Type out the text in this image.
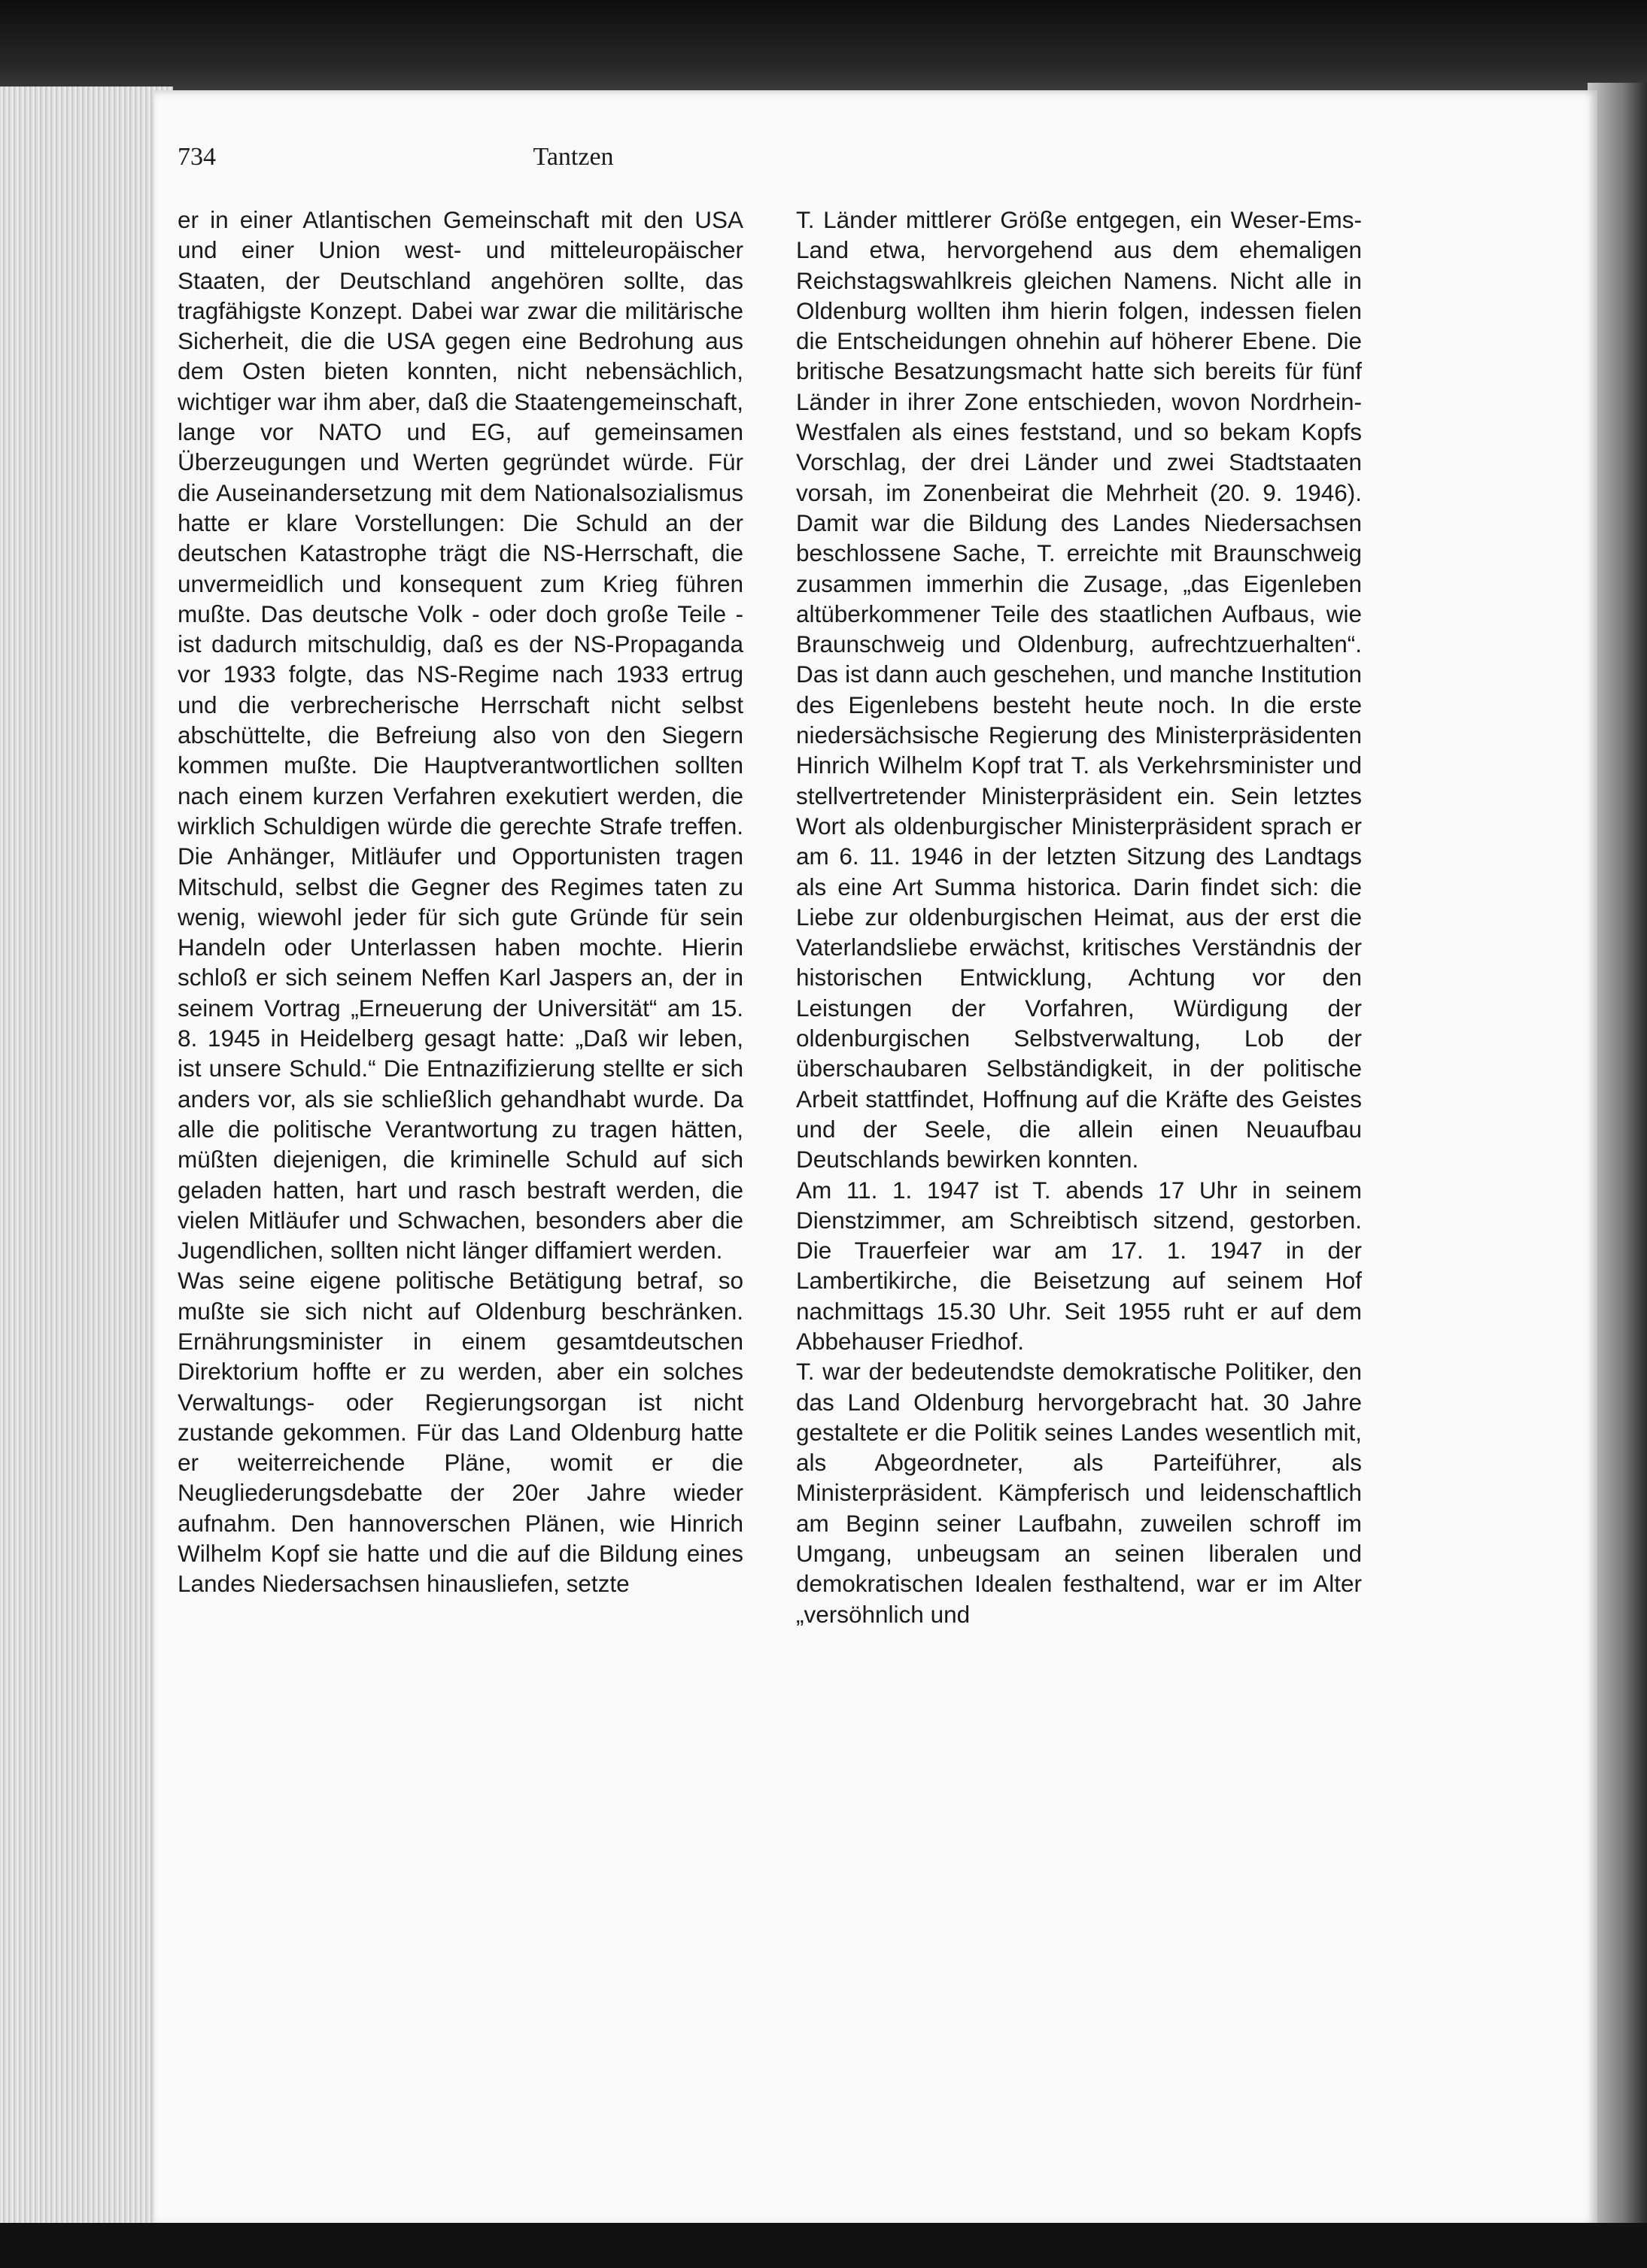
734	Tantzen

er in einer Atlantischen Gemeinschaft mit den USA und einer Union west- und mitteleuropäischer Staaten, der Deutschland angehören sollte, das tragfähigste Konzept. Dabei war zwar die militärische Sicherheit, die die USA gegen eine Bedrohung aus dem Osten bieten konnten, nicht nebensächlich, wichtiger war ihm aber, daß die Staatengemeinschaft, lange vor NATO und EG, auf gemeinsamen Überzeugungen und Werten gegründet würde. Für die Auseinandersetzung mit dem Nationalsozialismus hatte er klare Vorstellungen: Die Schuld an der deutschen Katastrophe trägt die NS-Herrschaft, die unvermeidlich und konsequent zum Krieg führen mußte. Das deutsche Volk - oder doch große Teile - ist dadurch mitschuldig, daß es der NS-Propaganda vor 1933 folgte, das NS-Regime nach 1933 ertrug und die verbrecherische Herrschaft nicht selbst abschüttelte, die Befreiung also von den Siegern kommen mußte. Die Hauptverantwortlichen sollten nach einem kurzen Verfahren exekutiert werden, die wirklich Schuldigen würde die gerechte Strafe treffen. Die Anhänger, Mitläufer und Opportunisten tragen Mitschuld, selbst die Gegner des Regimes taten zu wenig, wiewohl jeder für sich gute Gründe für sein Handeln oder Unterlassen haben mochte. Hierin schloß er sich seinem Neffen Karl Jaspers an, der in seinem Vortrag „Erneuerung der Universität“ am 15. 8. 1945 in Heidelberg gesagt hatte: „Daß wir leben, ist unsere Schuld.“ Die Entnazifizierung stellte er sich anders vor, als sie schließlich gehandhabt wurde. Da alle die politische Verantwortung zu tragen hätten, müßten diejenigen, die kriminelle Schuld auf sich geladen hatten, hart und rasch bestraft werden, die vielen Mitläufer und Schwachen, besonders aber die Jugendlichen, sollten nicht länger diffamiert werden.

Was seine eigene politische Betätigung betraf, so mußte sie sich nicht auf Oldenburg beschränken. Ernährungsminister in einem gesamtdeutschen Direktorium hoffte er zu werden, aber ein solches Verwaltungs- oder Regierungsorgan ist nicht zustande gekommen. Für das Land Oldenburg hatte er weiterreichende Pläne, womit er die Neugliederungsdebatte der 20er Jahre wieder aufnahm. Den hannoverschen Plänen, wie Hinrich Wilhelm Kopf sie hatte und die auf die Bildung eines Landes Niedersachsen hinausliefen, setzte

T. Länder mittlerer Größe entgegen, ein Weser-Ems-Land etwa, hervorgehend aus dem ehemaligen Reichstagswahlkreis gleichen Namens. Nicht alle in Oldenburg wollten ihm hierin folgen, indessen fielen die Entscheidungen ohnehin auf höherer Ebene. Die britische Besatzungsmacht hatte sich bereits für fünf Länder in ihrer Zone entschieden, wovon Nordrhein-Westfalen als eines feststand, und so bekam Kopfs Vorschlag, der drei Länder und zwei Stadtstaaten vorsah, im Zonenbeirat die Mehrheit (20. 9. 1946). Damit war die Bildung des Landes Niedersachsen beschlossene Sache, T. erreichte mit Braunschweig zusammen immerhin die Zusage, „das Eigenleben altüberkommener Teile des staatlichen Aufbaus, wie Braunschweig und Oldenburg, aufrechtzuerhalten“. Das ist dann auch geschehen, und manche Institution des Eigenlebens besteht heute noch. In die erste niedersächsische Regierung des Ministerpräsidenten Hinrich Wilhelm Kopf trat T. als Verkehrsminister und stellvertretender Ministerpräsident ein. Sein letztes Wort als oldenburgischer Ministerpräsident sprach er am 6. 11. 1946 in der letzten Sitzung des Landtags als eine Art Summa historica. Darin findet sich: die Liebe zur oldenburgischen Heimat, aus der erst die Vaterlandsliebe erwächst, kritisches Verständnis der historischen Entwicklung, Achtung vor den Leistungen der Vorfahren, Würdigung der oldenburgischen Selbstverwaltung, Lob der überschaubaren Selbständigkeit, in der politische Arbeit stattfindet, Hoffnung auf die Kräfte des Geistes und der Seele, die allein einen Neuaufbau Deutschlands bewirken konnten.

Am 11. 1. 1947 ist T. abends 17 Uhr in seinem Dienstzimmer, am Schreibtisch sitzend, gestorben. Die Trauerfeier war am 17. 1. 1947 in der Lambertikirche, die Beisetzung auf seinem Hof nachmittags 15.30 Uhr. Seit 1955 ruht er auf dem Abbehauser Friedhof.

T. war der bedeutendste demokratische Politiker, den das Land Oldenburg hervorgebracht hat. 30 Jahre gestaltete er die Politik seines Landes wesentlich mit, als Abgeordneter, als Parteiführer, als Ministerpräsident. Kämpferisch und leidenschaftlich am Beginn seiner Laufbahn, zuweilen schroff im Umgang, unbeugsam an seinen liberalen und demokratischen Idealen festhaltend, war er im Alter „versöhnlich und
